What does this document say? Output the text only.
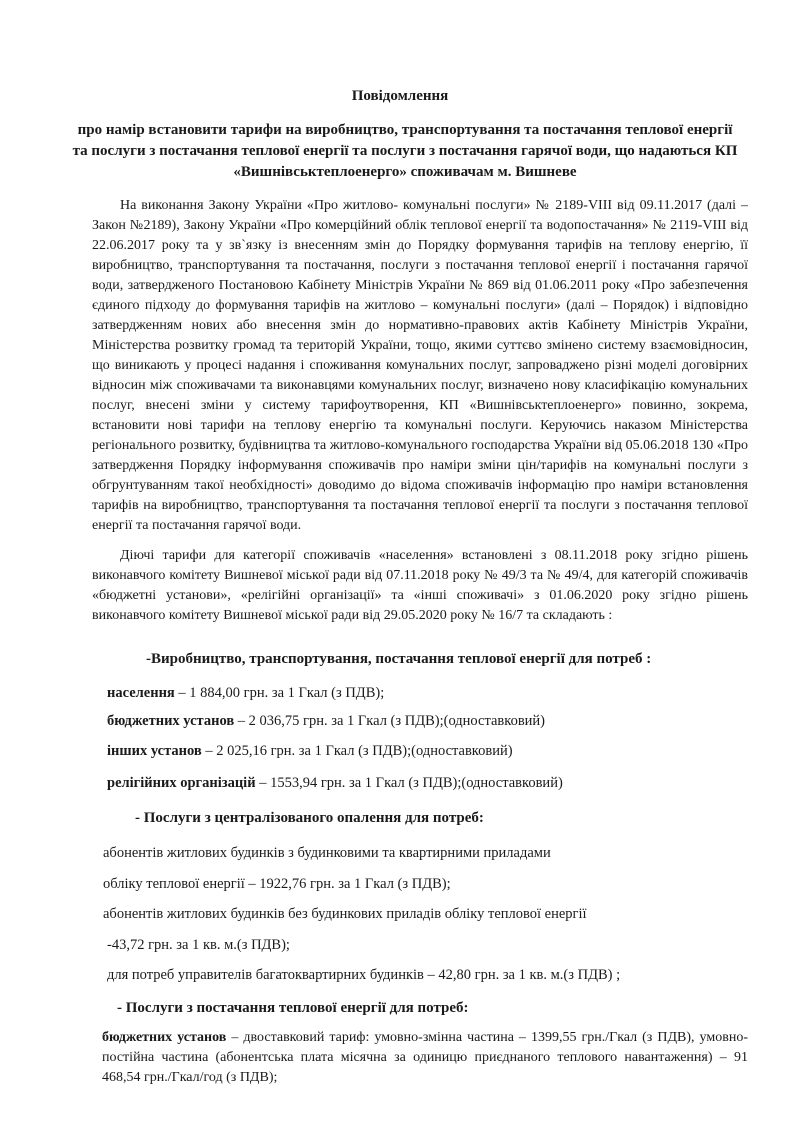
Повідомлення
про намір встановити тарифи на виробництво, транспортування та постачання теплової енергії та послуги з постачання теплової енергії та послуги з постачання гарячої води, що надаються КП «Вишнівськтеплоенерго» споживачам м. Вишневе
На виконання Закону України «Про житлово- комунальні послуги» № 2189-VIII від 09.11.2017 (далі –Закон №2189), Закону України «Про комерційний облік теплової енергії та водопостачання» № 2119-VIII від 22.06.2017 року та у зв`язку із внесенням змін до Порядку формування тарифів на теплову енергію, її виробництво, транспортування та постачання, послуги з постачання теплової енергії і постачання гарячої води, затвердженого Постановою Кабінету Міністрів України № 869 від 01.06.2011 року «Про забезпечення єдиного підходу до формування тарифів на житлово – комунальні послуги» (далі – Порядок) і відповідно затвердженням нових або внесення змін до нормативно-правових актів Кабінету Міністрів України, Міністерства розвитку громад та територій України, тощо, якими суттєво змінено систему взаємовідносин, що виникають у процесі надання і споживання комунальних послуг, запроваджено різні моделі договірних відносин між споживачами та виконавцями комунальних послуг, визначено нову класифікацію комунальних послуг, внесені зміни у систему тарифоутворення, КП «Вишнівськтеплоенерго» повинно, зокрема, встановити нові тарифи на теплову енергію та комунальні послуги. Керуючись наказом Міністерства регіонального розвитку, будівництва та житлово-комунального господарства України від 05.06.2018 130 «Про затвердження Порядку інформування споживачів про наміри зміни цін/тарифів на комунальні послуги з обгрунтуванням такої необхідності» доводимо до відома споживачів інформацію про наміри встановлення тарифів на виробництво, транспортування та постачання теплової енергії та послуги з постачання теплової енергії та постачання гарячої води.
Діючі тарифи для категорії споживачів «населення» встановлені з 08.11.2018 року згідно рішень виконавчого комітету Вишневої міської ради від 07.11.2018 року № 49/3 та № 49/4, для категорій споживачів «бюджетні установи», «релігійні організації» та «інші споживачі» з 01.06.2020 року згідно рішень виконавчого комітету Вишневої міської ради від 29.05.2020 року № 16/7 та складають :
-Виробництво, транспортування, постачання теплової енергії для потреб :
населення – 1 884,00 грн. за 1 Гкал (з ПДВ);
бюджетних установ – 2 036,75 грн. за 1 Гкал (з ПДВ);(одноставковий)
інших установ – 2 025,16 грн. за 1 Гкал (з ПДВ);(одноставковий)
релігійних організацій – 1553,94 грн. за 1 Гкал (з ПДВ);(одноставковий)
- Послуги з централізованого опалення для потреб:
абонентів житлових будинків з будинковими та квартирними приладами
обліку теплової енергії – 1922,76 грн. за 1 Гкал (з ПДВ);
абонентів житлових будинків без будинкових приладів обліку теплової енергії
-43,72 грн. за 1 кв. м.(з ПДВ);
для потреб управителів багатоквартирних будинків – 42,80 грн. за 1 кв. м.(з ПДВ) ;
- Послуги з постачання теплової енергії для потреб:
бюджетних установ – двоставковий тариф: умовно-змінна частина – 1399,55 грн./Гкал (з ПДВ), умовно-постійна частина (абонентська плата місячна за одиницю приєднаного теплового навантаження) – 91 468,54 грн./Гкал/год (з ПДВ);
